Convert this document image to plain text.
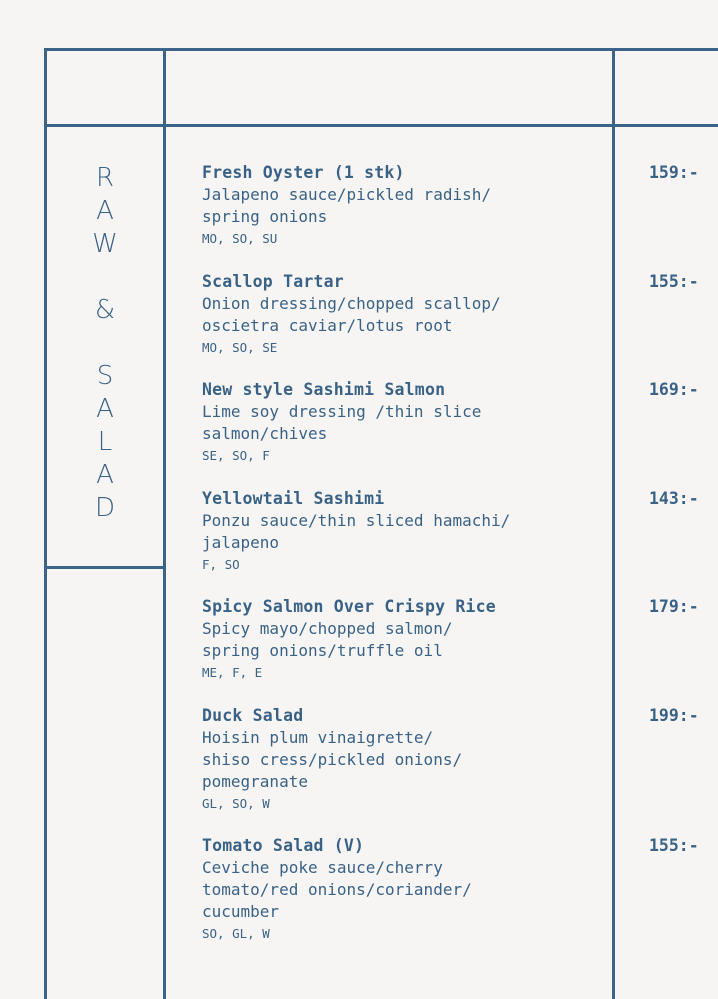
R
A
W
&
S
A
L
A
D
Fresh Oyster (1 stk)
Jalapeno sauce/pickled radish/
spring onions
MO, SO, SU
159:-
Scallop Tartar
Onion dressing/chopped scallop/
oscietra caviar/lotus root
MO, SO, SE
155:-
New style Sashimi Salmon
Lime soy dressing /thin slice
salmon/chives
SE, SO, F
169:-
Yellowtail Sashimi
Ponzu sauce/thin sliced hamachi/
jalapeno
F, SO
143:-
Spicy Salmon Over Crispy Rice
Spicy mayo/chopped salmon/
spring onions/truffle oil
ME, F, E
179:-
Duck Salad
Hoisin plum vinaigrette/
shiso cress/pickled onions/
pomegranate
GL, SO, W
199:-
Tomato Salad (V)
Ceviche poke sauce/cherry
tomato/red onions/coriander/
cucumber
SO, GL, W
155:-
